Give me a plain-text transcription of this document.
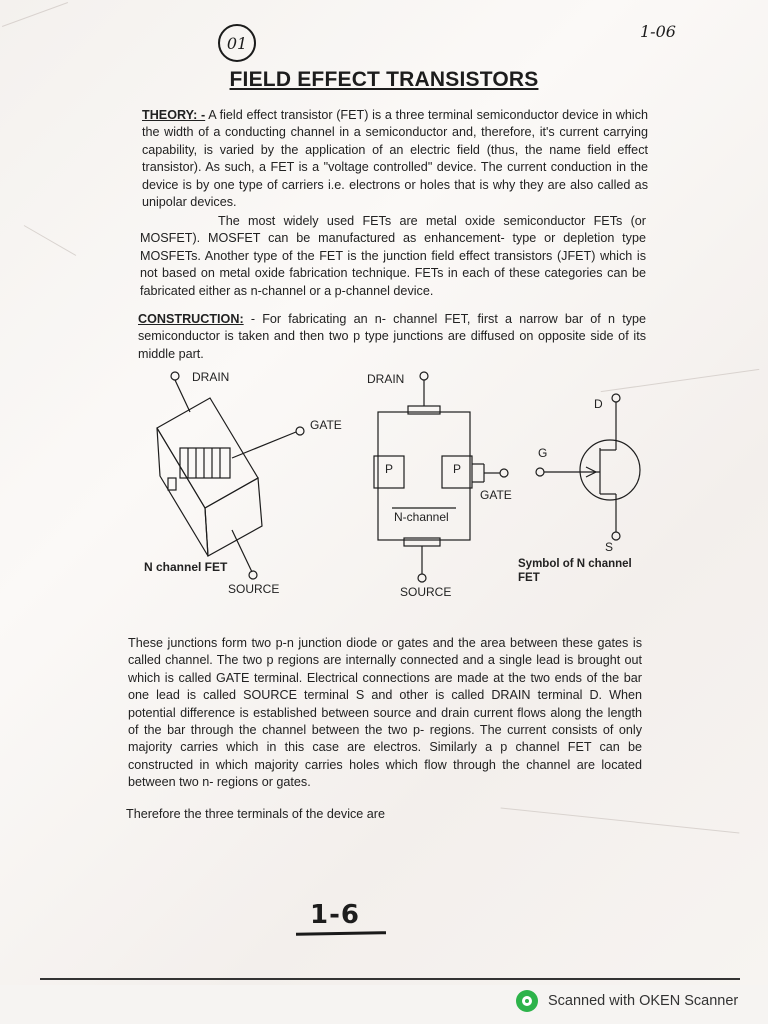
01
1-06
FIELD EFFECT TRANSISTORS
THEORY: - A field effect transistor (FET) is a three terminal semiconductor device in which the width of a conducting channel in a semiconductor and, therefore, it's current carrying capability, is varied by the application of an electric field (thus, the name field effect transistor). As such, a FET is a "voltage controlled" device. The current conduction in the device is by one type of carriers i.e. electrons or holes that is why they are also called as unipolar devices.
The most widely used FETs are metal oxide semiconductor FETs (or MOSFET). MOSFET can be manufactured as enhancement- type or depletion type MOSFETs. Another type of the FET is the junction field effect transistors (JFET) which is not based on metal oxide fabrication technique. FETs in each of these categories can be fabricated either as n-channel or a p-channel device.
CONSTRUCTION: - For fabricating an n- channel FET, first a narrow bar of n type semiconductor is taken and then two p type junctions are diffused on opposite side of its middle part.
DRAIN
GATE
N channel FET
SOURCE
DRAIN
P	P
GATE
N-channel
SOURCE
D
G
S
Symbol of N channel FET
These junctions form two p-n junction diode or gates and the area between these gates is called channel. The two p regions are internally connected and a single lead is brought out which is called GATE terminal. Electrical connections are made at the two ends of the bar one lead is called SOURCE terminal S and other is called DRAIN terminal D. When potential difference is established between source and drain current flows along the length of the bar through the channel between the two p- regions. The current consists of only majority carries which in this case are electros. Similarly a p channel FET can be constructed in which majority carries holes which flow through the channel are located between two n- regions or gates.
Therefore the three terminals of the device are
1-6
Scanned with OKEN Scanner
